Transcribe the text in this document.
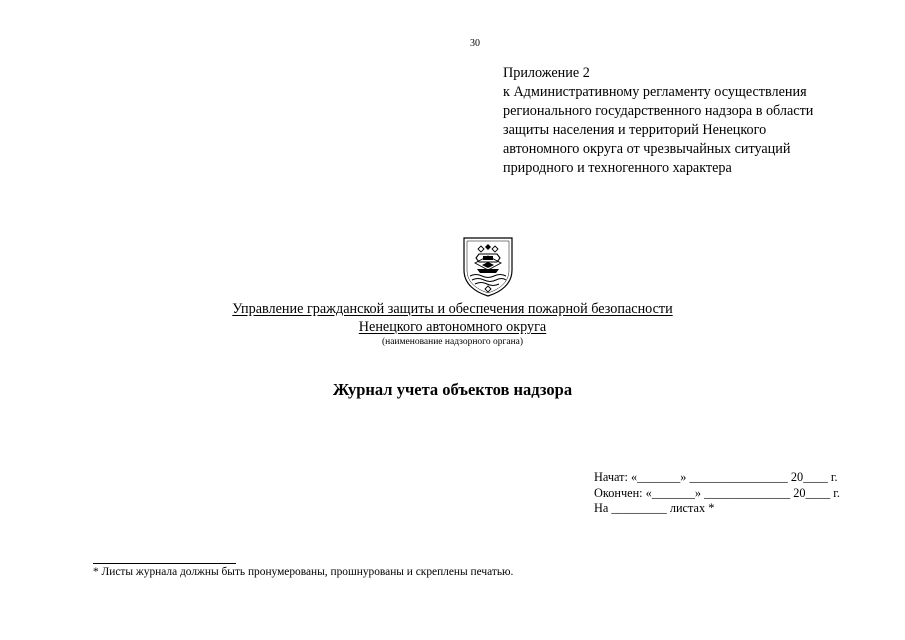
30
Приложение 2
к Административному регламенту осуществления
регионального государственного надзора в области
защиты населения и территорий Ненецкого
автономного округа от чрезвычайных ситуаций
природного и техногенного характера
Управление гражданской защиты и обеспечения пожарной безопасности
Ненецкого автономного округа
(наименование надзорного органа)
Журнал учета объектов надзора
Начат: «_______» ________________ 20____ г.
Окончен: «_______» ______________ 20____ г.
На _________ листах *
* Листы журнала должны быть пронумерованы, прошнурованы и скреплены печатью.
